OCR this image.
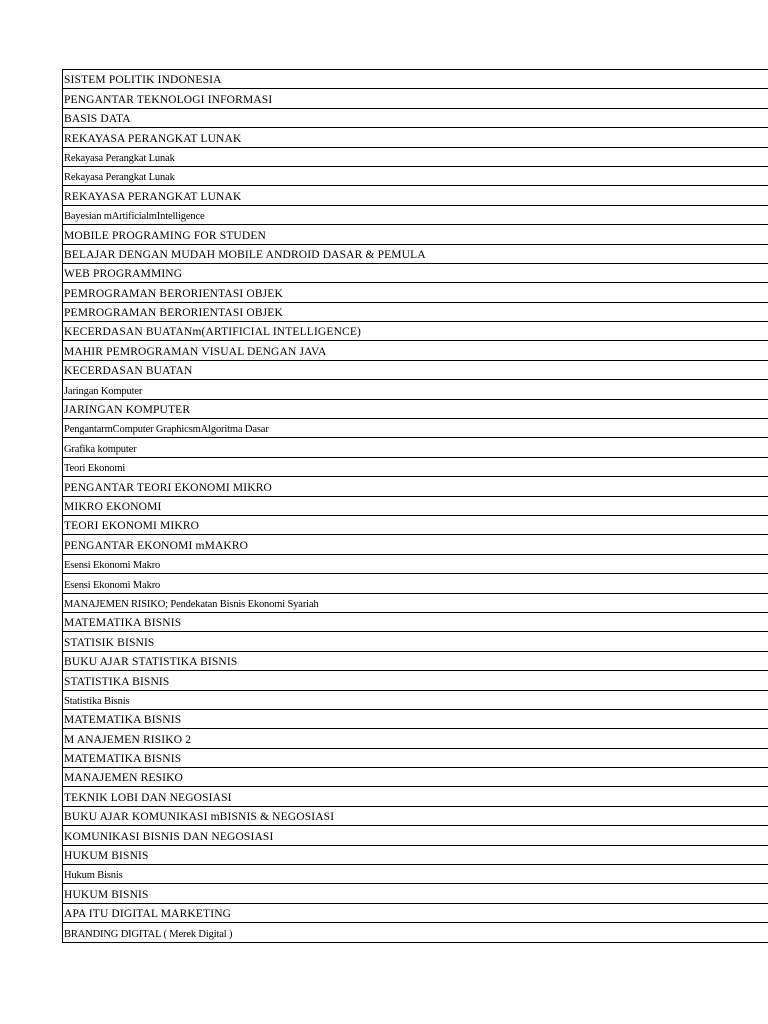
SISTEM POLITIK INDONESIA
PENGANTAR TEKNOLOGI INFORMASI
BASIS DATA
REKAYASA PERANGKAT LUNAK
Rekayasa Perangkat Lunak
Rekayasa Perangkat Lunak
REKAYASA PERANGKAT LUNAK
Bayesian mArtificialmIntelligence
MOBILE PROGRAMING FOR STUDEN
BELAJAR DENGAN MUDAH MOBILE ANDROID DASAR & PEMULA
WEB PROGRAMMING
PEMROGRAMAN BERORIENTASI OBJEK
PEMROGRAMAN BERORIENTASI OBJEK
KECERDASAN BUATANm(ARTIFICIAL INTELLIGENCE)
MAHIR PEMROGRAMAN VISUAL DENGAN JAVA
KECERDASAN BUATAN
Jaringan Komputer
JARINGAN KOMPUTER
PengantarmComputer GraphicsmAlgoritma Dasar
Grafika komputer
Teori Ekonomi
PENGANTAR TEORI EKONOMI MIKRO
MIKRO EKONOMI
TEORI EKONOMI MIKRO
PENGANTAR EKONOMI mMAKRO
Esensi Ekonomi Makro
Esensi Ekonomi Makro
MANAJEMEN RISIKO; Pendekatan Bisnis Ekonomi Syariah
MATEMATIKA BISNIS
STATISIK BISNIS
BUKU AJAR STATISTIKA BISNIS
STATISTIKA BISNIS
Statistika Bisnis
MATEMATIKA BISNIS
M ANAJEMEN RISIKO 2
MATEMATIKA BISNIS
MANAJEMEN RESIKO
TEKNIK LOBI DAN NEGOSIASI
BUKU AJAR KOMUNIKASI mBISNIS & NEGOSIASI
KOMUNIKASI BISNIS DAN NEGOSIASI
HUKUM BISNIS
Hukum Bisnis
HUKUM BISNIS
APA ITU DIGITAL MARKETING
BRANDING DIGITAL ( Merek Digital )
